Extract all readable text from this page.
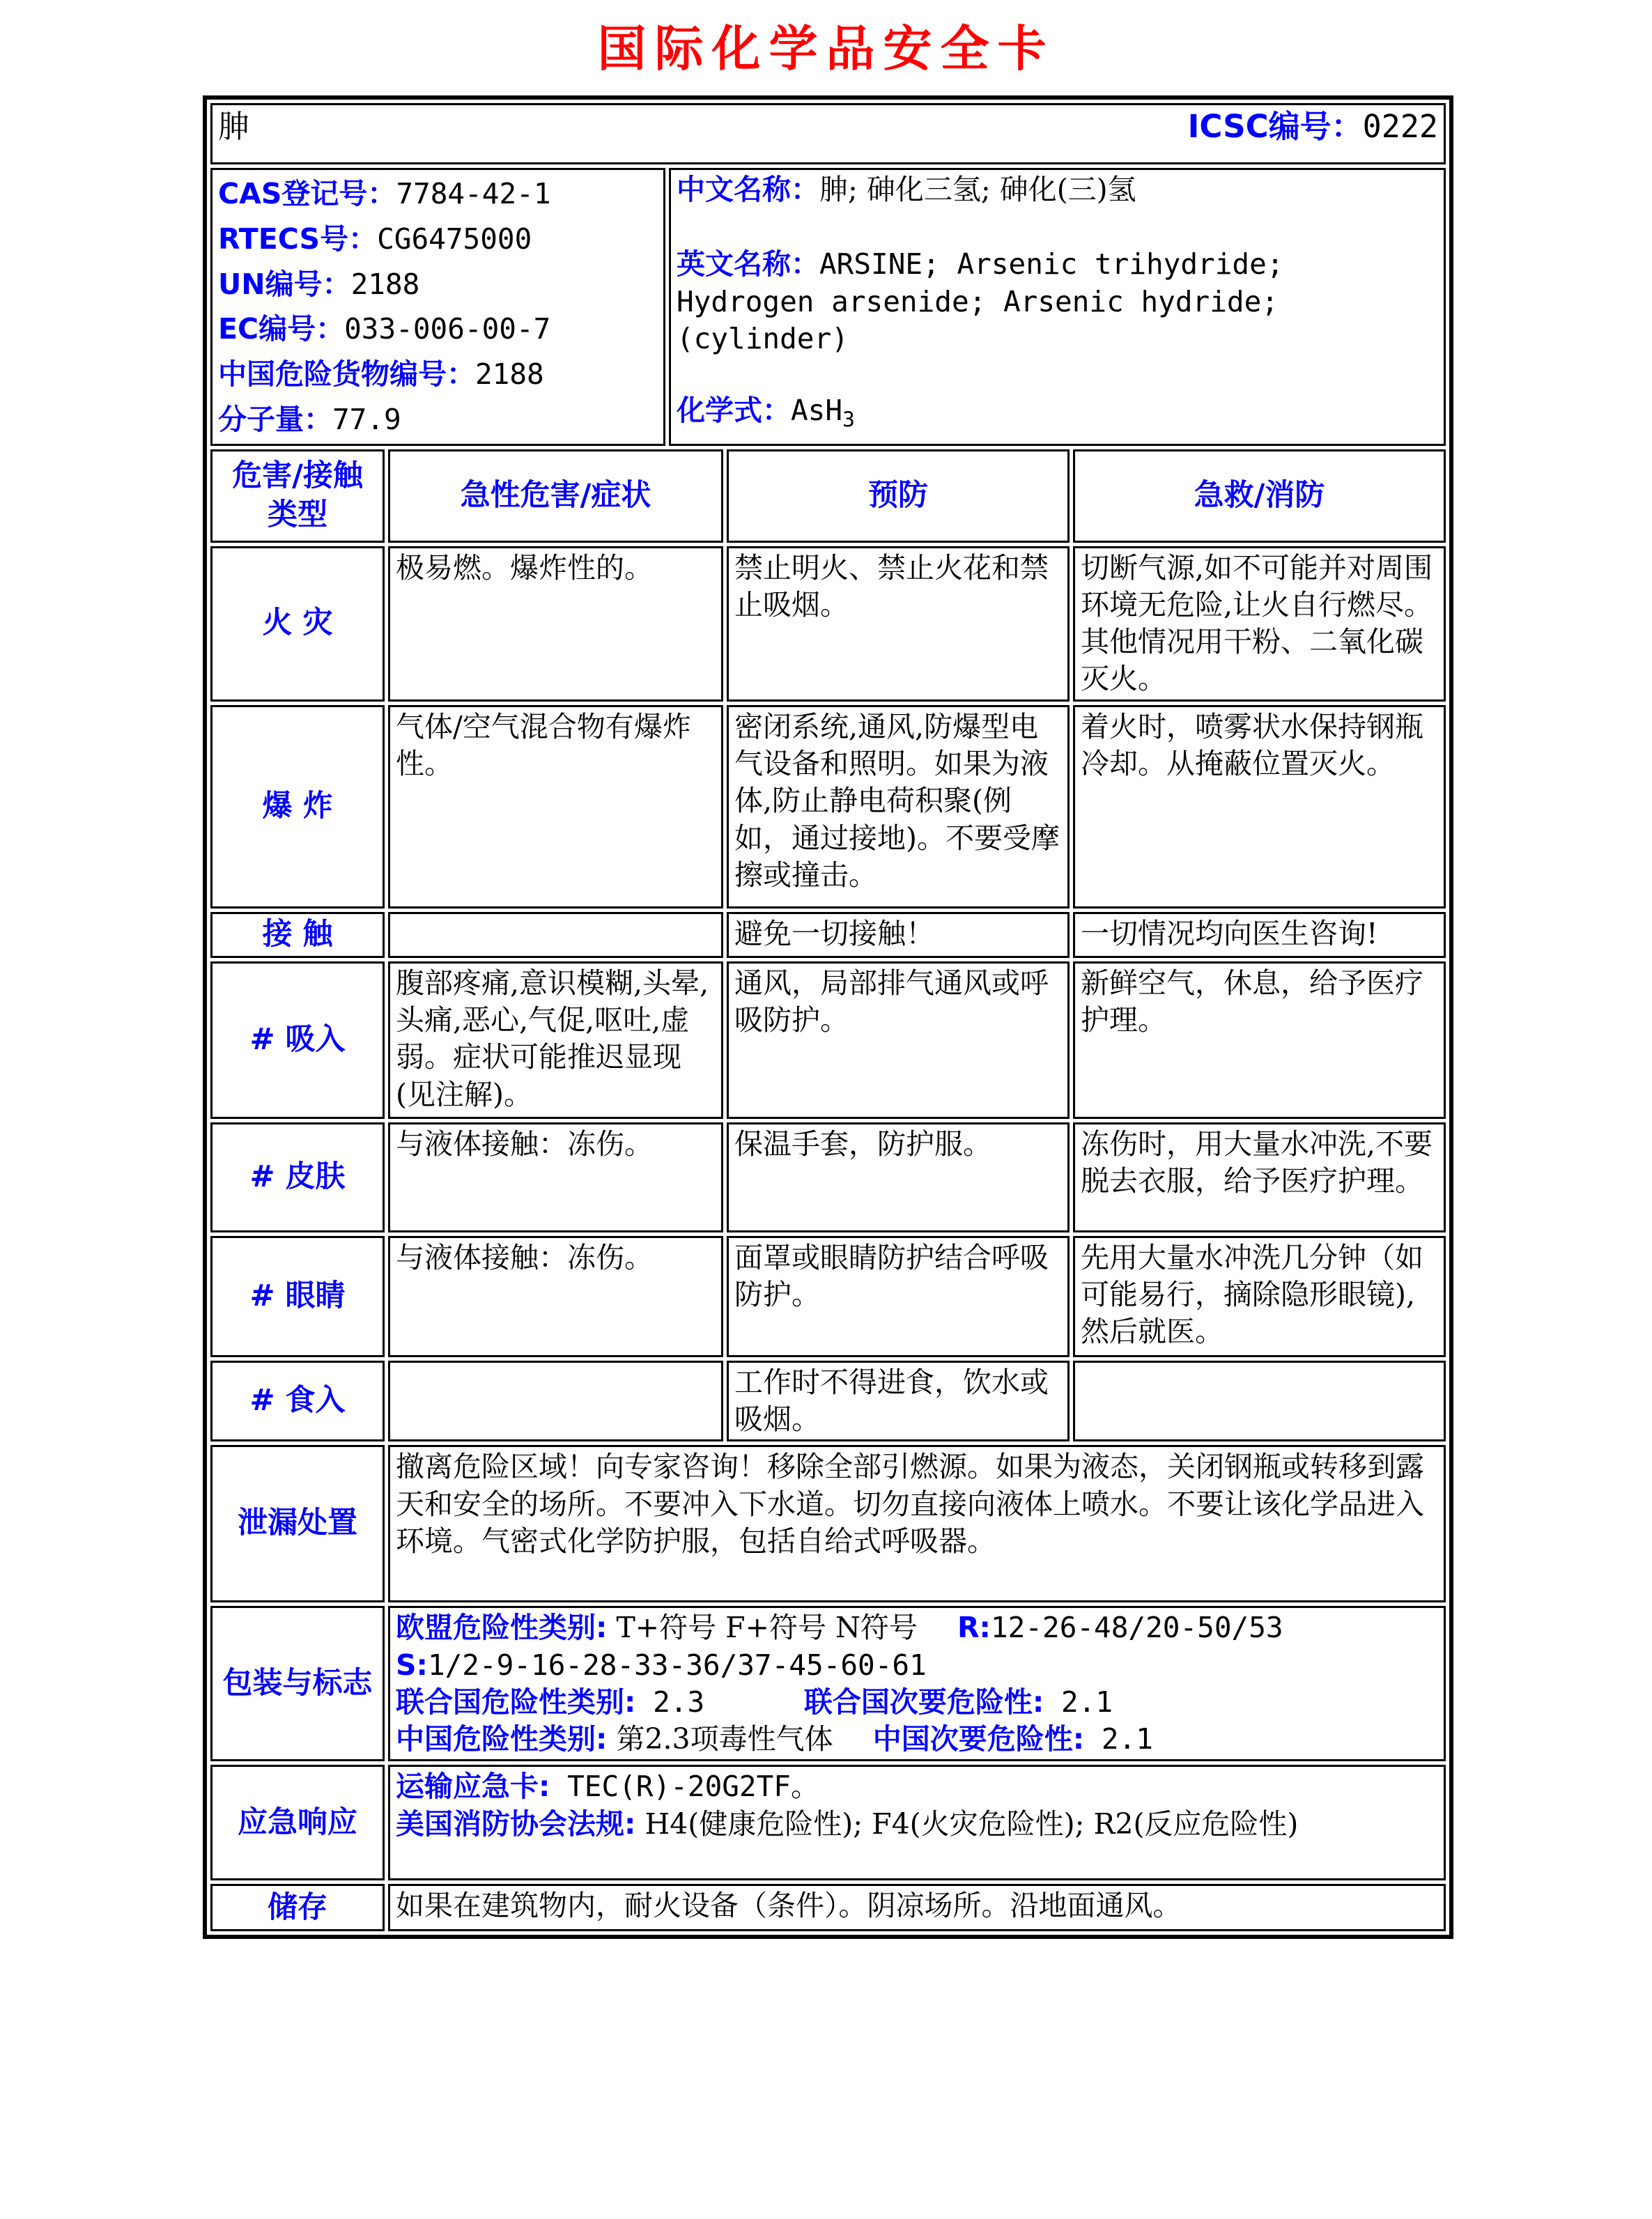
国际化学品安全卡
胂 ICSC编号：0222				

CAS登记号：7784-42-1
RTECS号：CG6475000
UN编号：2188
EC编号：033-006-00-7
中国危险货物编号：2188
分子量：77.9

中文名称：胂; 砷化三氢; 砷化(三)氢
英文名称：ARSINE; Arsenic trihydride; Hydrogen arsenide; Arsenic hydride; (cylinder)
化学式：AsH$_3$

危害/接触类型	急性危害/症状		预防	急救/消防
火 灾	极易燃。爆炸性的。		禁止明火、禁止火花和禁止吸烟。	切断气源,如不可能并对周围环境无危险,让火自行燃尽。其他情况用干粉、二氧化碳灭火。
爆 炸	气体/空气混合物有爆炸性。		密闭系统,通风,防爆型电气设备和照明。如果为液体,防止静电荷积聚(例如，通过接地)。不要受摩擦或撞击。	着火时，喷雾状水保持钢瓶冷却。从掩蔽位置灭火。
接 触			避免一切接触！	一切情况均向医生咨询!
# 吸入	腹部疼痛,意识模糊,头晕,头痛,恶心,气促,呕吐,虚弱。症状可能推迟显现(见注解)。		通风，局部排气通风或呼吸防护。	新鲜空气，休息，给予医疗护理。
# 皮肤	与液体接触：冻伤。		保温手套，防护服。	冻伤时，用大量水冲洗,不要脱去衣服，给予医疗护理。
# 眼睛	与液体接触：冻伤。		面罩或眼睛防护结合呼吸防护。	先用大量水冲洗几分钟（如可能易行，摘除隐形眼镜),然后就医。
# 食入			工作时不得进食，饮水或吸烟。	
泄漏处置	撤离危险区域！向专家咨询！移除全部引燃源。如果为液态，关闭钢瓶或转移到露天和安全的场所。不要冲入下水道。切勿直接向液体上喷水。不要让该化学品进入环境。气密式化学防护服，包括自给式呼吸器。			
包装与标志	欧盟危险性类别: T+符号 F+符号 N符号    R:12-26-48/20-50/53
S:1/2-9-16-28-33-36/37-45-60-61
联合国危险性类别: 2.3          联合国次要危险性: 2.1
中国危险性类别: 第2.3项毒性气体    中国次要危险性: 2.1			

应急响应	运输应急卡: TEC(R)-20G2TF。
美国消防协会法规: H4(健康危险性); F4(火灾危险性); R2(反应危险性)			

储存	如果在建筑物内，耐火设备（条件）。阴凉场所。沿地面通风。			
